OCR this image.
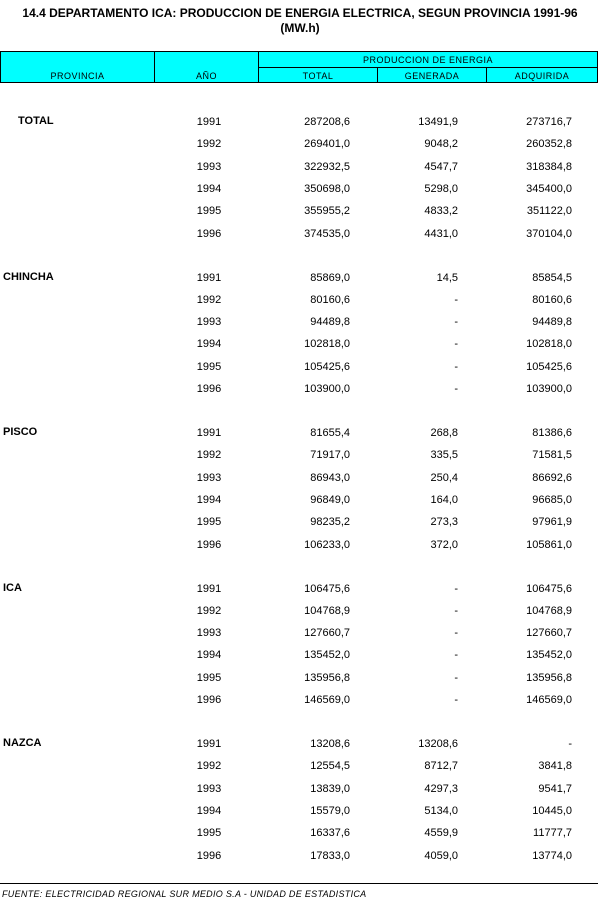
14.4 DEPARTAMENTO ICA: PRODUCCION DE ENERGIA ELECTRICA, SEGUN PROVINCIA 1991-96
(MW.h)
PROVINCIA	AÑO
PRODUCCION DE ENERGIA
TOTAL	GENERADA	ADQUIRIDA
TOTAL	1991	287208,6	13491,9	273716,7
1992	269401,0	9048,2	260352,8
1993	322932,5	4547,7	318384,8
1994	350698,0	5298,0	345400,0
1995	355955,2	4833,2	351122,0
1996	374535,0	4431,0	370104,0
CHINCHA	1991	85869,0	14,5	85854,5
1992	80160,6	-	80160,6
1993	94489,8	-	94489,8
1994	102818,0	-	102818,0
1995	105425,6	-	105425,6
1996	103900,0	-	103900,0
PISCO	1991	81655,4	268,8	81386,6
1992	71917,0	335,5	71581,5
1993	86943,0	250,4	86692,6
1994	96849,0	164,0	96685,0
1995	98235,2	273,3	97961,9
1996	106233,0	372,0	105861,0
ICA	1991	106475,6	-	106475,6
1992	104768,9	-	104768,9
1993	127660,7	-	127660,7
1994	135452,0	-	135452,0
1995	135956,8	-	135956,8
1996	146569,0	-	146569,0
NAZCA	1991	13208,6	13208,6	-
1992	12554,5	8712,7	3841,8
1993	13839,0	4297,3	9541,7
1994	15579,0	5134,0	10445,0
1995	16337,6	4559,9	11777,7
1996	17833,0	4059,0	13774,0
FUENTE: ELECTRICIDAD REGIONAL SUR MEDIO S.A - UNIDAD DE ESTADISTICA
